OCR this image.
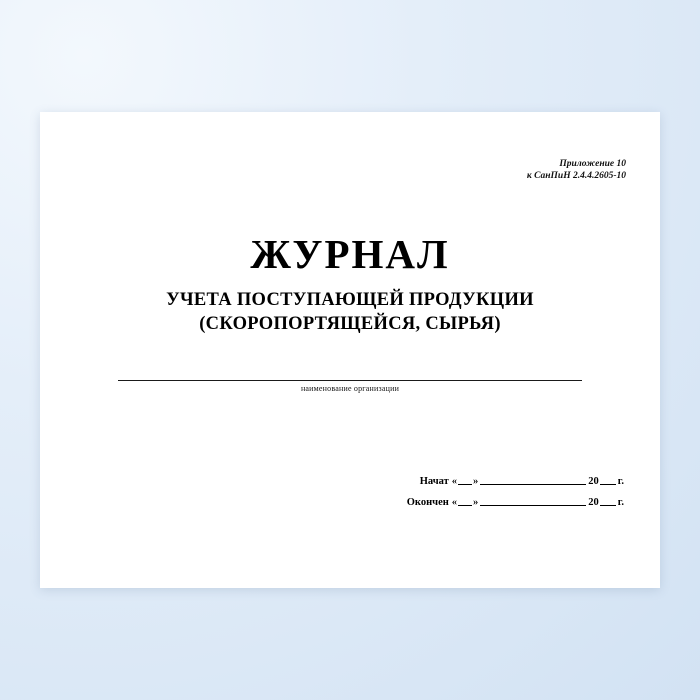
Приложение 10
к СанПиН 2.4.4.2605-10
ЖУРНАЛ
УЧЕТА ПОСТУПАЮЩЕЙ ПРОДУКЦИИ
(СКОРОПОРТЯЩЕЙСЯ, СЫРЬЯ)
наименование организации
Начат « »	20 г.
Окончен « »	20 г.
